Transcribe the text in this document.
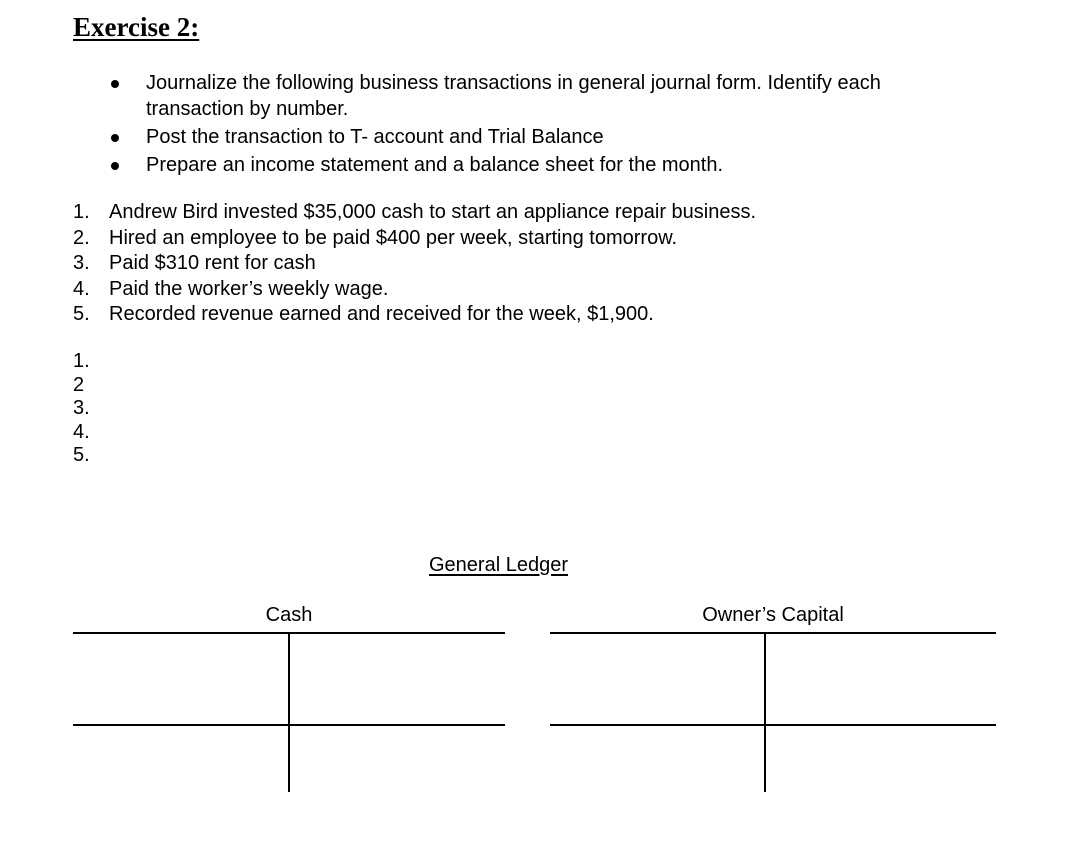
Exercise 2:
Journalize the following business transactions in general journal form. Identify each transaction by number.
Post the transaction to T- account and Trial Balance
Prepare an income statement and a balance sheet for the month.
1. Andrew Bird invested $35,000 cash to start an appliance repair business.
2. Hired an employee to be paid $400 per week, starting tomorrow.
3. Paid $310 rent for cash
4. Paid the worker’s weekly wage.
5. Recorded revenue earned and received for the week, $1,900.
1.
2
3.
4.
5.
General Ledger
Cash	Owner’s Capital
